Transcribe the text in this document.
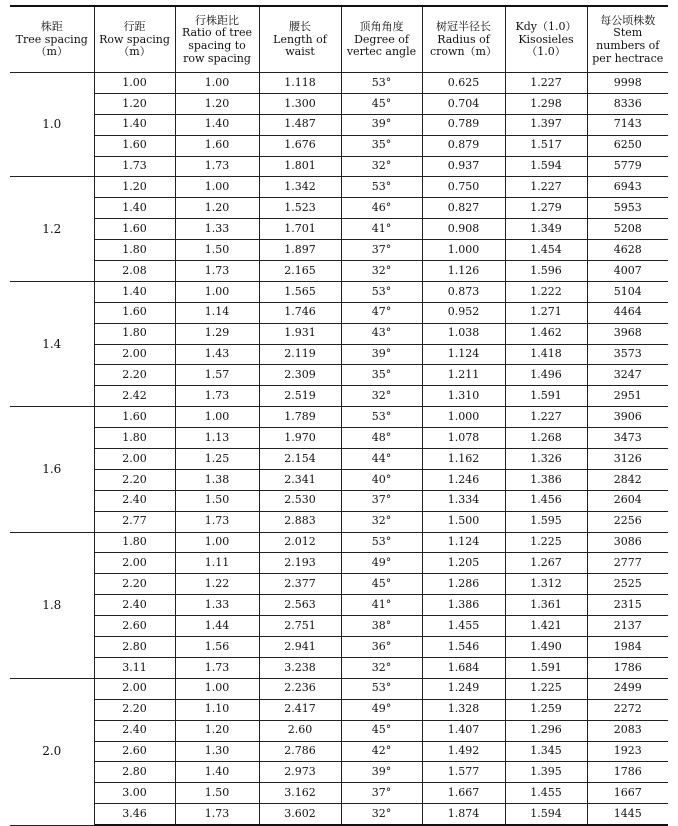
株距
Tree spacing
（m）	行距
Row spacing
（m）	行株距比
Ratio of tree
spacing to
row spacing	腰长
Length of
waist	顶角角度
Degree of
vertec angle	树冠半径长
Radius of
crown（m）	Kdy（1.0）
Kisosieles
（1.0）	每公顷株数
Stem
numbers of
per hectrace

1.0	1.00	1.00	1.118	53°	0.625	1.227	9998
	1.20	1.20	1.300	45°	0.704	1.298	8336
	1.40	1.40	1.487	39°	0.789	1.397	7143
	1.60	1.60	1.676	35°	0.879	1.517	6250
	1.73	1.73	1.801	32°	0.937	1.594	5779
1.2	1.20	1.00	1.342	53°	0.750	1.227	6943
	1.40	1.20	1.523	46°	0.827	1.279	5953
	1.60	1.33	1.701	41°	0.908	1.349	5208
	1.80	1.50	1.897	37°	1.000	1.454	4628
	2.08	1.73	2.165	32°	1.126	1.596	4007
1.4	1.40	1.00	1.565	53°	0.873	1.222	5104
	1.60	1.14	1.746	47°	0.952	1.271	4464
	1.80	1.29	1.931	43°	1.038	1.462	3968
	2.00	1.43	2.119	39°	1.124	1.418	3573
	2.20	1.57	2.309	35°	1.211	1.496	3247
	2.42	1.73	2.519	32°	1.310	1.591	2951
1.6	1.60	1.00	1.789	53°	1.000	1.227	3906
	1.80	1.13	1.970	48°	1.078	1.268	3473
	2.00	1.25	2.154	44°	1.162	1.326	3126
	2.20	1.38	2.341	40°	1.246	1.386	2842
	2.40	1.50	2.530	37°	1.334	1.456	2604
	2.77	1.73	2.883	32°	1.500	1.595	2256
1.8	1.80	1.00	2.012	53°	1.124	1.225	3086
	2.00	1.11	2.193	49°	1.205	1.267	2777
	2.20	1.22	2.377	45°	1.286	1.312	2525
	2.40	1.33	2.563	41°	1.386	1.361	2315
	2.60	1.44	2.751	38°	1.455	1.421	2137
	2.80	1.56	2.941	36°	1.546	1.490	1984
	3.11	1.73	3.238	32°	1.684	1.591	1786
2.0	2.00	1.00	2.236	53°	1.249	1.225	2499
	2.20	1.10	2.417	49°	1.328	1.259	2272
	2.40	1.20	2.60	45°	1.407	1.296	2083
	2.60	1.30	2.786	42°	1.492	1.345	1923
	2.80	1.40	2.973	39°	1.577	1.395	1786
	3.00	1.50	3.162	37°	1.667	1.455	1667
	3.46	1.73	3.602	32°	1.874	1.594	1445
